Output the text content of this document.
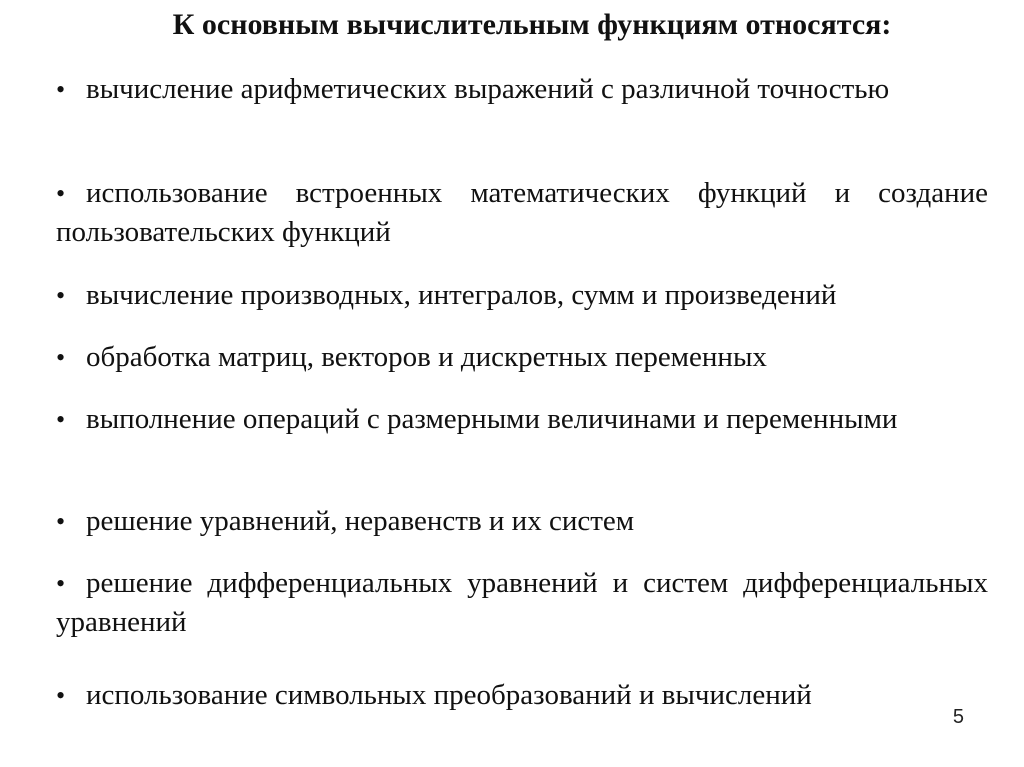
К основным вычислительным функциям относятся:

• вычисление арифметических выражений с различной точностью

• использование встроенных математических функций и создание пользовательских функций

• вычисление производных, интегралов, сумм и произведений

• обработка матриц, векторов и дискретных переменных

• выполнение операций с размерными величинами и переменными

• решение уравнений, неравенств и их систем

• решение дифференциальных уравнений и систем дифференциальных уравнений

• использование символьных преобразований и вычислений

5
